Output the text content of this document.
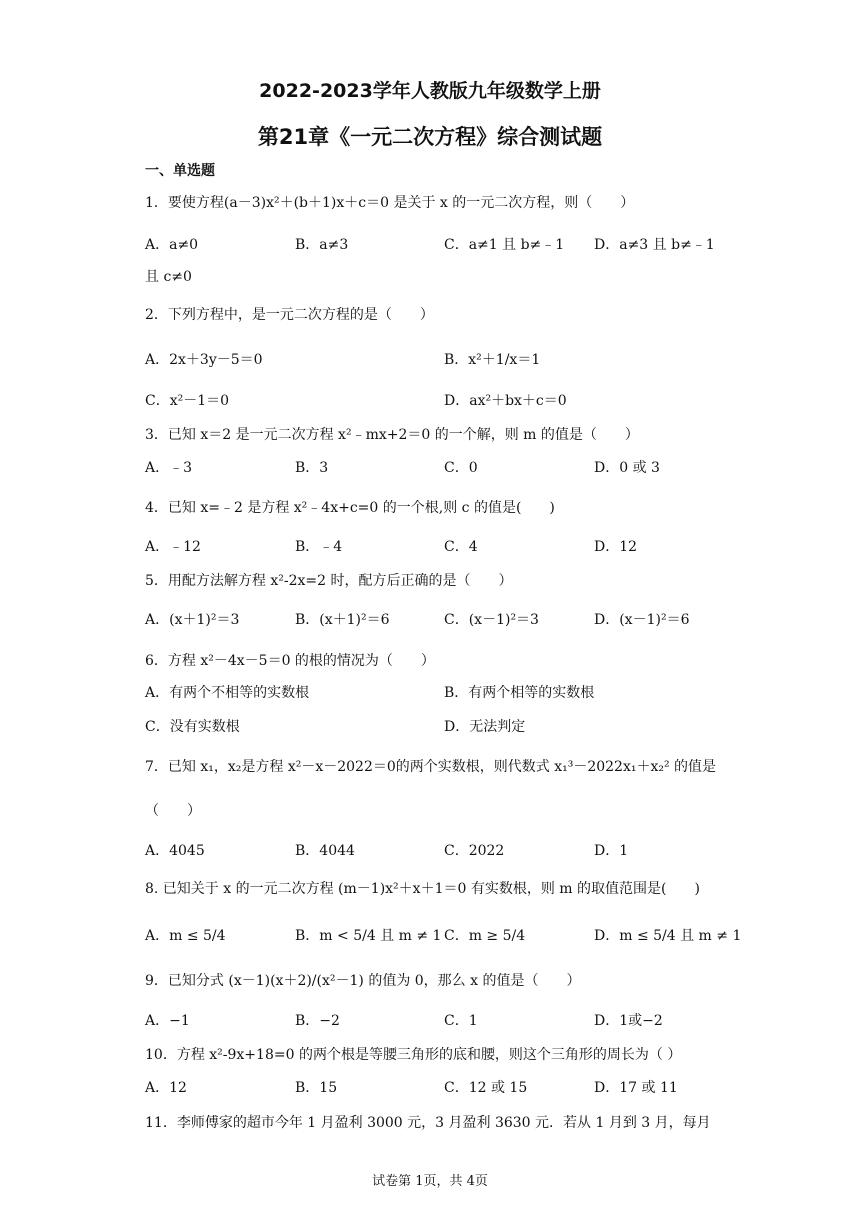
2022-2023学年人教版九年级数学上册
第21章《一元二次方程》综合测试题
一、单选题
1．要使方程(a－3)x²＋(b＋1)x＋c＝0 是关于 x 的一元二次方程，则（　　）
A．a≠0	B．a≠3	C．a≠1 且 b≠﹣1 D．a≠3 且 b≠﹣1
且 c≠0
2．下列方程中，是一元二次方程的是（　　）
A．2x＋3y－5＝0	B．x²＋1/x＝1
C．x²－1＝0	D．ax²＋bx＋c＝0
3．已知 x＝2 是一元二次方程 x²﹣mx+2＝0 的一个解，则 m 的值是（　　）
A．﹣3	B．3	C．0	D．0 或 3
4．已知 x=﹣2 是方程 x²﹣4x+c=0 的一个根,则 c 的值是(　　)
A．﹣12	B．﹣4	C．4	D．12
5．用配方法解方程 x²-2x=2 时，配方后正确的是（　　）
A．(x＋1)²＝3	B．(x＋1)²＝6	C．(x－1)²＝3	D．(x－1)²＝6
6．方程 x²－4x－5＝0 的根的情况为（　　）
A．有两个不相等的实数根	B．有两个相等的实数根
C．没有实数根	D．无法判定
7．已知 x₁，x₂是方程 x²－x－2022＝0的两个实数根，则代数式 x₁³－2022x₁＋x₂² 的值是
（　　）
A．4045	B．4044	C．2022	D．1
8. 已知关于 x 的一元二次方程 (m－1)x²＋x＋1＝0 有实数根，则 m 的取值范围是(　　)
A．m ≤ 5/4	B．m < 5/4 且 m ≠ 1 C．m ≥ 5/4	D．m ≤ 5/4 且 m ≠ 1
9．已知分式 (x－1)(x＋2)/(x²－1) 的值为 0，那么 x 的值是（　　）
A．−1	B．−2	C．1	D．1或−2
10．方程 x²-9x+18=0 的两个根是等腰三角形的底和腰，则这个三角形的周长为（ ）
A．12	B．15	C．12 或 15	D．17 或 11
11．李师傅家的超市今年 1 月盈利 3000 元，3 月盈利 3630 元．若从 1 月到 3 月，每月
试卷第 1页，共 4页
